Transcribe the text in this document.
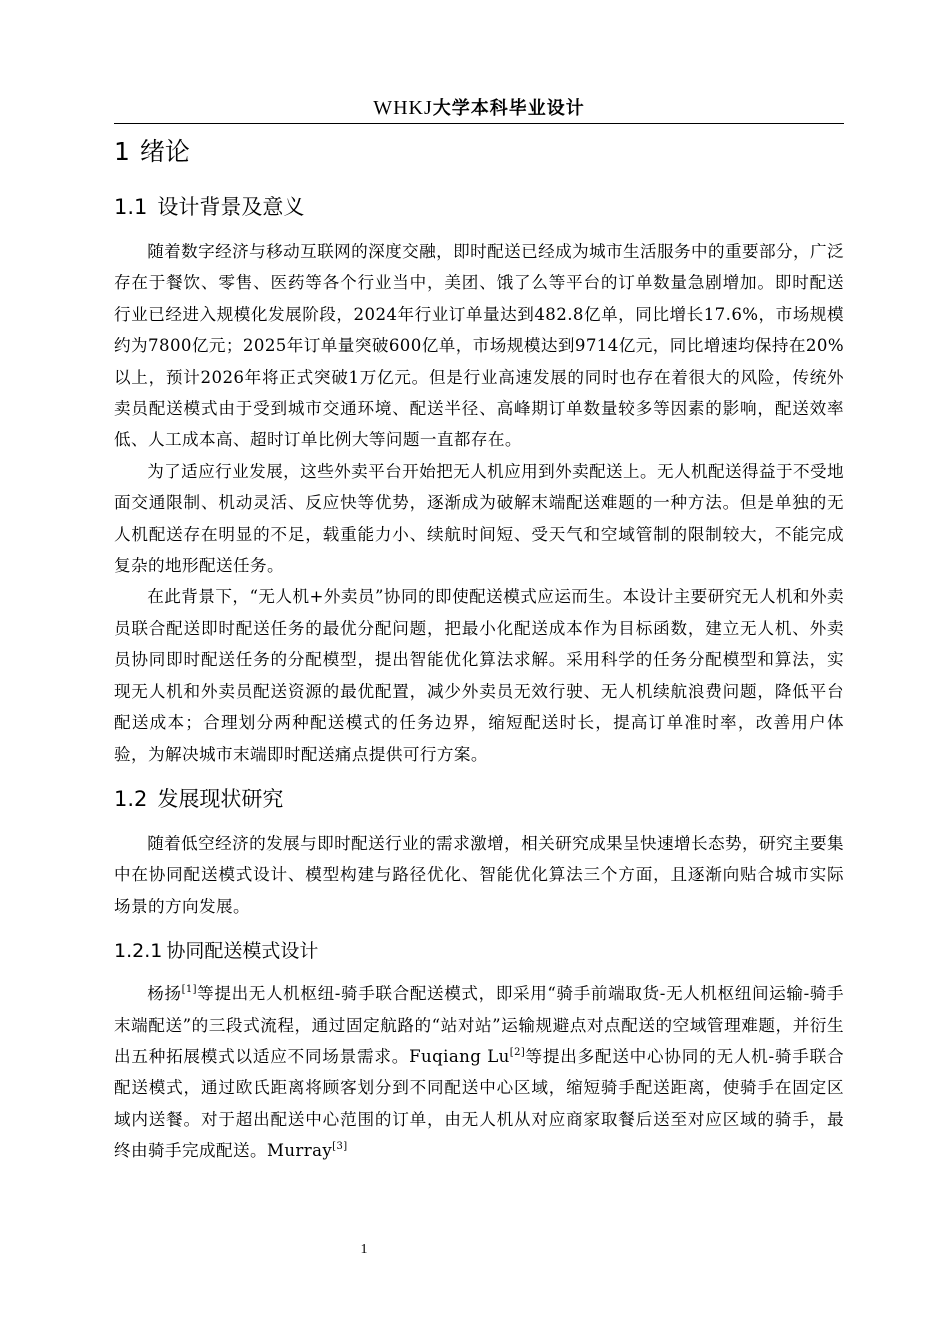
WHKJ大学本科毕业设计
1 绪论
1.1 设计背景及意义

随着数字经济与移动互联网的深度交融，即时配送已经成为城市生活服务中的重要部分，广泛存在于餐饮、零售、医药等各个行业当中，美团、饿了么等平台的订单数量急剧增加。即时配送行业已经进入规模化发展阶段，2024年行业订单量达到482.8亿单，同比增长17.6%，市场规模约为7800亿元；2025年订单量突破600亿单，市场规模达到9714亿元，同比增速均保持在20%以上，预计2026年将正式突破1万亿元。但是行业高速发展的同时也存在着很大的风险，传统外卖员配送模式由于受到城市交通环境、配送半径、高峰期订单数量较多等因素的影响，配送效率低、人工成本高、超时订单比例大等问题一直都存在。

为了适应行业发展，这些外卖平台开始把无人机应用到外卖配送上。无人机配送得益于不受地面交通限制、机动灵活、反应快等优势，逐渐成为破解末端配送难题的一种方法。但是单独的无人机配送存在明显的不足，载重能力小、续航时间短、受天气和空域管制的限制较大，不能完成复杂的地形配送任务。

在此背景下，“无人机+外卖员”协同的即使配送模式应运而生。本设计主要研究无人机和外卖员联合配送即时配送任务的最优分配问题，把最小化配送成本作为目标函数，建立无人机、外卖员协同即时配送任务的分配模型，提出智能优化算法求解。采用科学的任务分配模型和算法，实现无人机和外卖员配送资源的最优配置，减少外卖员无效行驶、无人机续航浪费问题，降低平台配送成本；合理划分两种配送模式的任务边界，缩短配送时长，提高订单准时率，改善用户体验，为解决城市末端即时配送痛点提供可行方案。

1.2 发展现状研究

随着低空经济的发展与即时配送行业的需求激增，相关研究成果呈快速增长态势，研究主要集中在协同配送模式设计、模型构建与路径优化、智能优化算法三个方面，且逐渐向贴合城市实际场景的方向发展。

1.2.1 协同配送模式设计

杨扬[1]等提出无人机枢纽-骑手联合配送模式，即采用“骑手前端取货-无人机枢纽间运输-骑手末端配送”的三段式流程，通过固定航路的“站对站”运输规避点对点配送的空域管理难题，并衍生出五种拓展模式以适应不同场景需求。Fuqiang Lu[2]等提出多配送中心协同的无人机-骑手联合配送模式，通过欧氏距离将顾客划分到不同配送中心区域，缩短骑手配送距离，使骑手在固定区域内送餐。对于超出配送中心范围的订单，由无人机从对应商家取餐后送至对应区域的骑手，最终由骑手完成配送。Murray[3]

1
